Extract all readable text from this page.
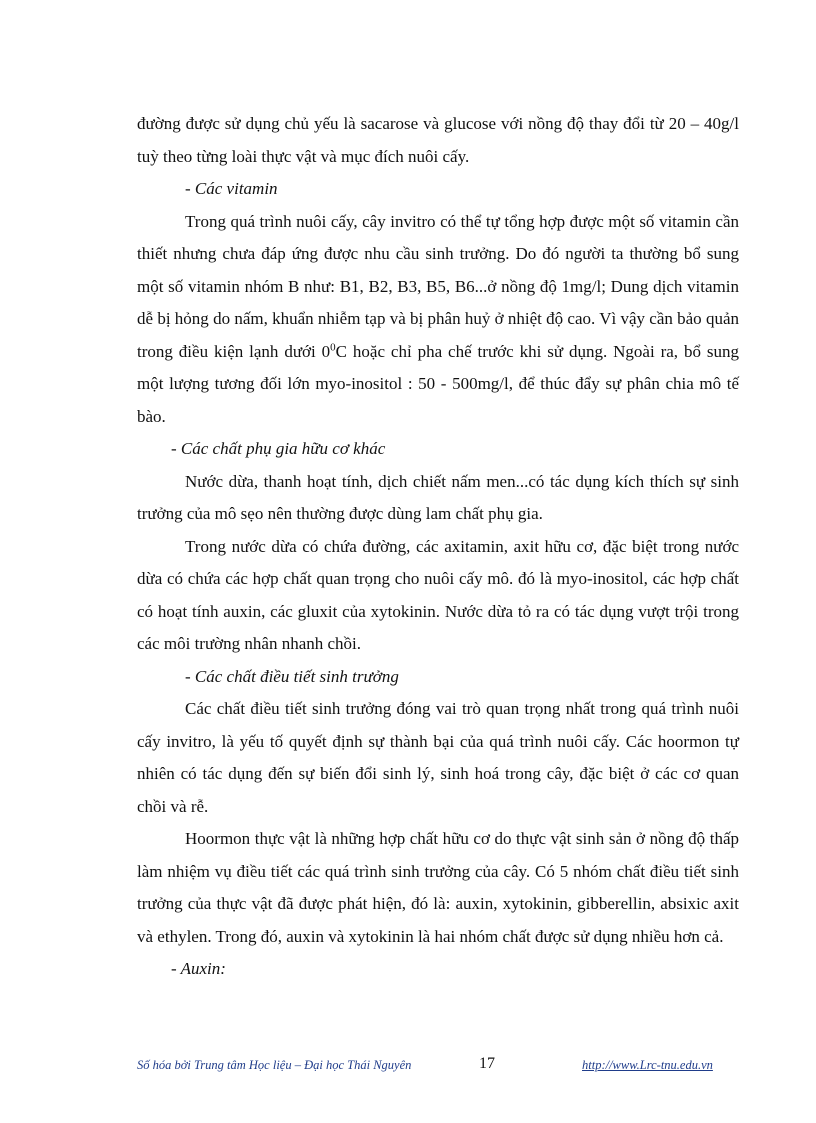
đường được sử dụng chủ yếu là sacarose và glucose với nồng độ thay đổi từ 20 – 40g/l tuỳ theo từng loài thực vật và mục đích nuôi cấy.

- Các vitamin

Trong quá trình nuôi cấy, cây invitro có thể tự tổng hợp được một số vitamin cần thiết nhưng chưa đáp ứng được nhu cầu sinh trưởng. Do đó người ta thường bổ sung một số vitamin nhóm B như: B1, B2, B3, B5, B6...ở nồng độ 1mg/l; Dung dịch vitamin dễ bị hỏng do nấm, khuẩn nhiễm tạp và bị phân huỷ ở nhiệt độ cao. Vì vậy cần bảo quản trong điều kiện lạnh dưới $0^0C$ hoặc chỉ pha chế trước khi sử dụng. Ngoài ra, bổ sung một lượng tương đối lớn myo-inositol : 50 - 500mg/l, để thúc đẩy sự phân chia mô tế bào.

- Các chất phụ gia hữu cơ khác

Nước dừa, thanh hoạt tính, dịch chiết nấm men...có tác dụng kích thích sự sinh trưởng của mô sẹo nên thường được dùng lam chất phụ gia.

Trong nước dừa có chứa đường, các axitamin, axit hữu cơ, đặc biệt trong nước dừa có chứa các hợp chất quan trọng cho nuôi cấy mô. đó là myo-inositol, các hợp chất có hoạt tính auxin, các gluxit của xytokinin. Nước dừa tỏ ra có tác dụng vượt trội trong các môi trường nhân nhanh chồi.

- Các chất điều tiết sinh trưởng

Các chất điều tiết sinh trưởng đóng vai trò quan trọng nhất trong quá trình nuôi cấy invitro, là yếu tố quyết định sự thành bại của quá trình nuôi cấy. Các hoormon tự nhiên có tác dụng đến sự biến đổi sinh lý, sinh hoá trong cây, đặc biệt ở các cơ quan chồi và rễ.

Hoormon thực vật là những hợp chất hữu cơ do thực vật sinh sản ở nồng độ thấp làm nhiệm vụ điều tiết các quá trình sinh trưởng của cây. Có 5 nhóm chất điều tiết sinh trưởng của thực vật đã được phát hiện, đó là: auxin, xytokinin, gibberellin, absixic axit và ethylen. Trong đó, auxin và xytokinin là hai nhóm chất được sử dụng nhiều hơn cả.

- Auxin:

Số hóa bởi Trung tâm Học liệu – Đại học Thái Nguyên	17	http://www.Lrc-tnu.edu.vn
